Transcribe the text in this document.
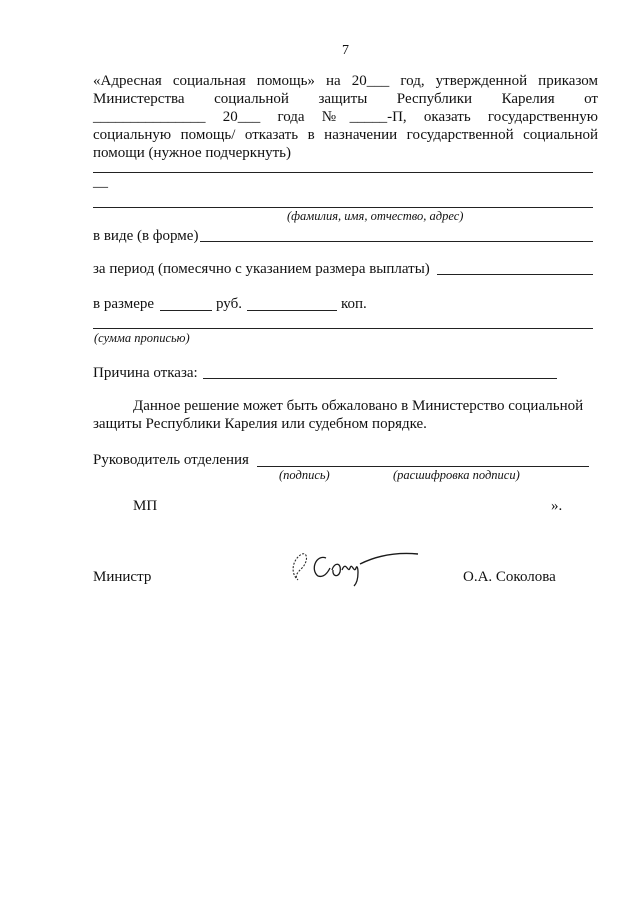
7
«Адресная социальная помощь» на 20___ год, утвержденной приказом
Министерства социальной защиты Республики Карелия от
_______________ 20___ года №_____-П, оказать государственную
социальную помощь/ отказать в назначении государственной социальной
помощи (нужное подчеркнуть)
—
(фамилия, имя, отчество, адрес)
в виде (в форме)
за период (помесячно с указанием размера выплаты)
в размере	руб.	коп.
(сумма прописью)
Причина отказа:
Данное решение может быть обжаловано в Министерство социальной
защиты Республики Карелия или судебном порядке.
Руководитель отделения
(подпись)	(расшифровка подписи)
МП	».
Министр	О.А. Соколова
